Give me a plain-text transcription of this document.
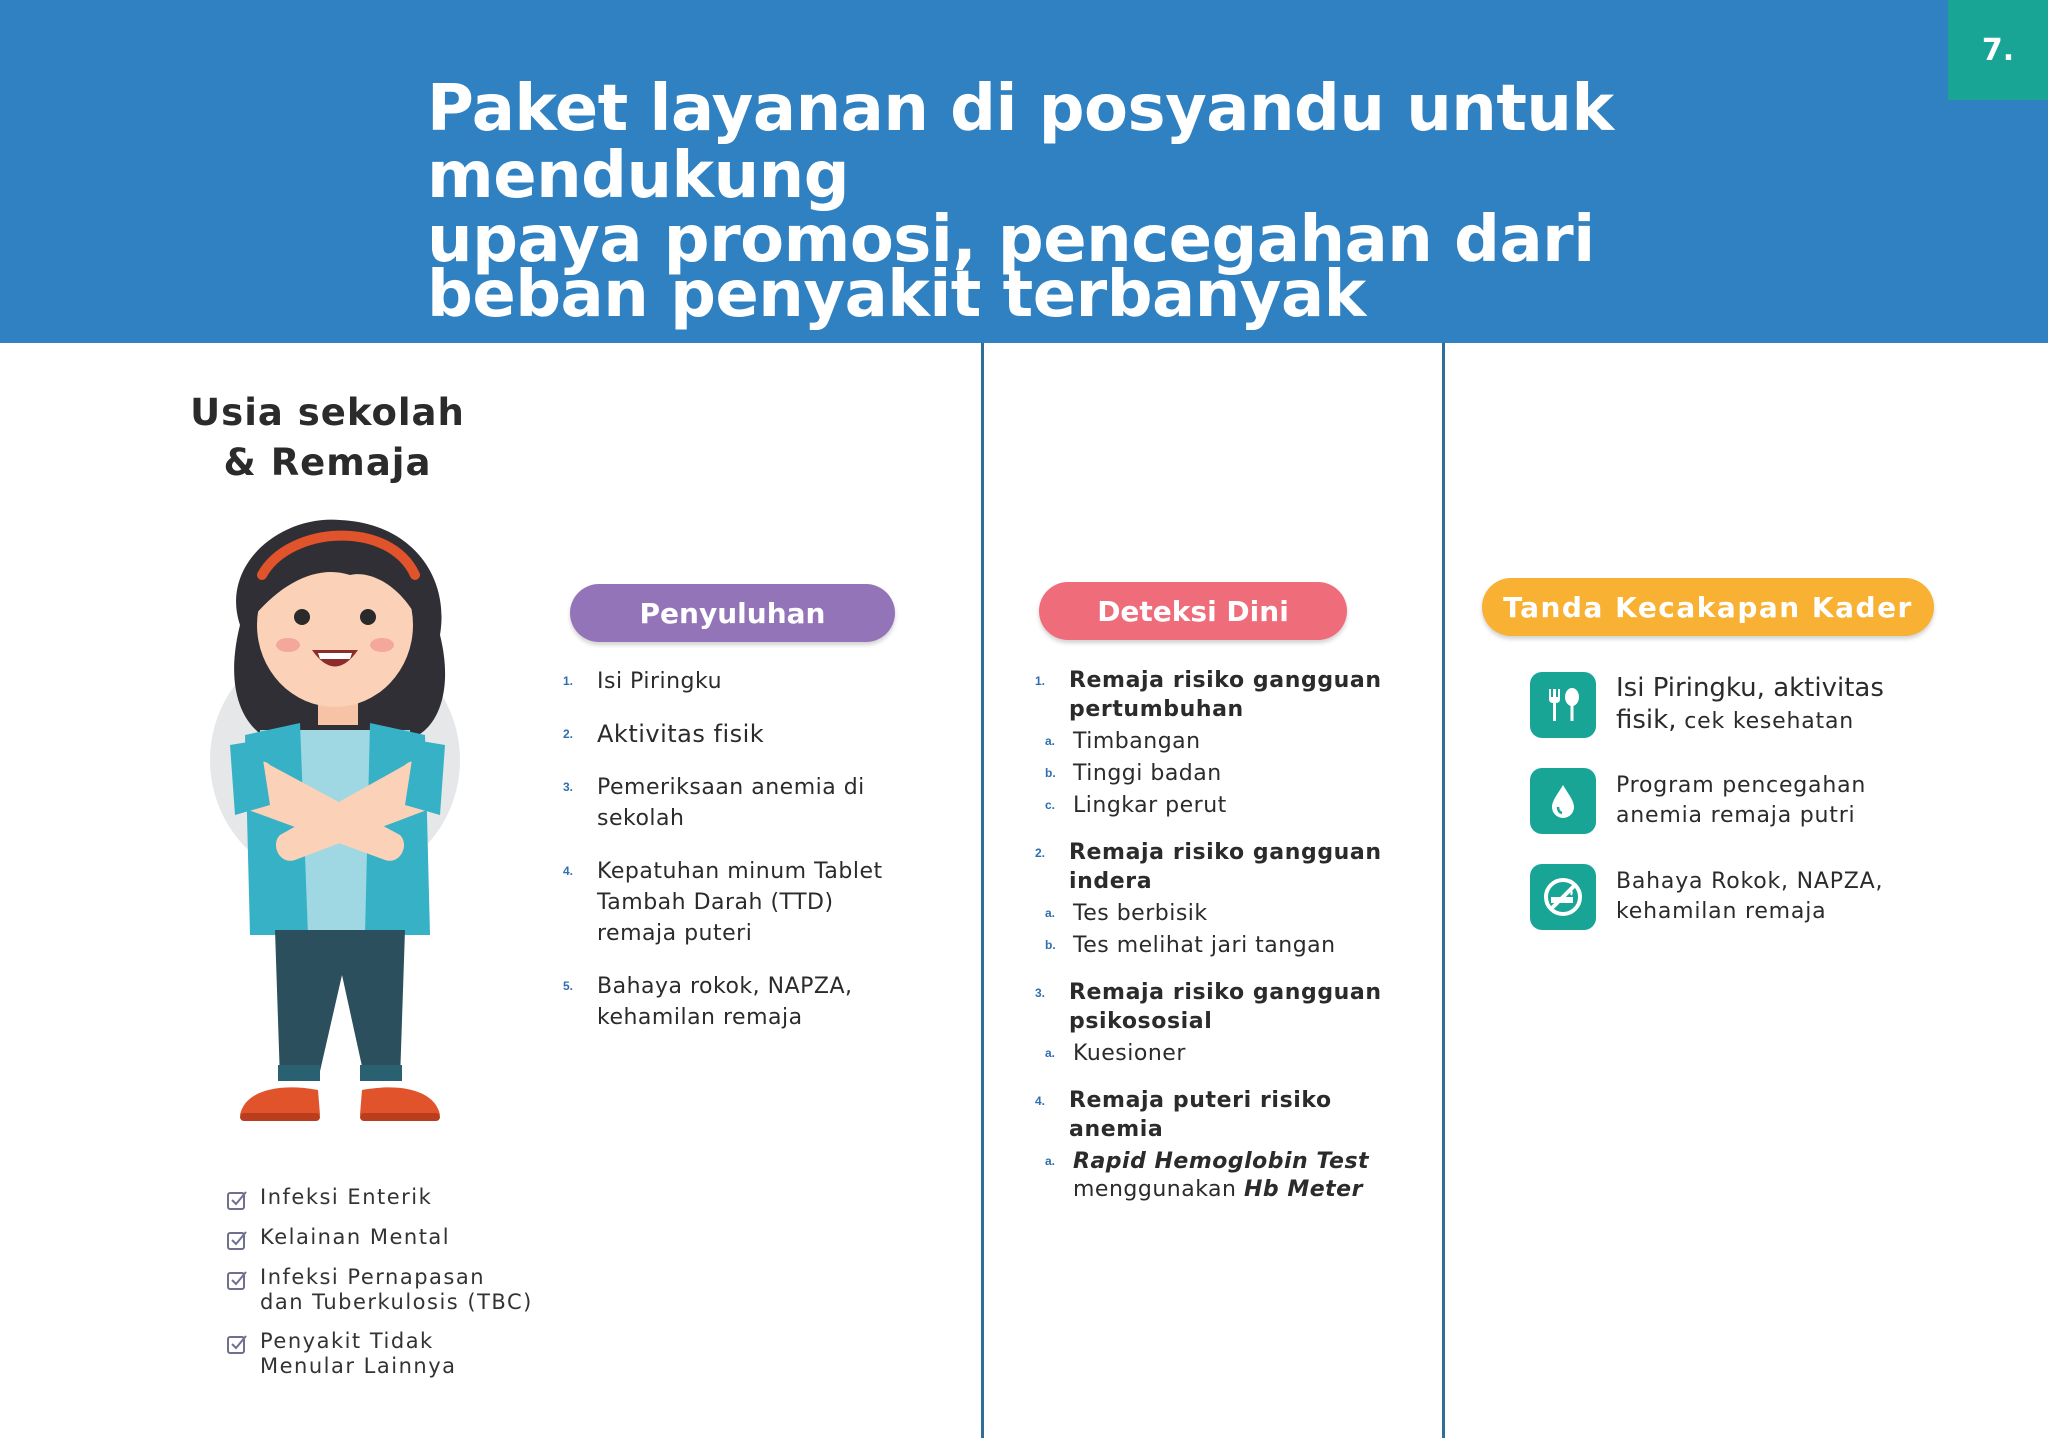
7.
Paket layanan di posyandu untuk
mendukung
upaya promosi, pencegahan dari
beban penyakit terbanyak
Usia sekolah
& Remaja
Infeksi Enterik
Kelainan Mental
Infeksi Pernapasan
dan Tuberkulosis (TBC)
Penyakit Tidak
Menular Lainnya
Penyuluhan
1.	Isi Piringku
2. Aktivitas fisik
3.	Pemeriksaan anemia di sekolah
4.	Kepatuhan minum Tablet Tambah Darah (TTD) remaja puteri
5.	Bahaya rokok, NAPZA, kehamilan remaja
Deteksi Dini
1.	Remaja risiko gangguan pertumbuhan
a. Timbangan
b. Tinggi badan
c. Lingkar perut
2.	Remaja risiko gangguan indera
a. Tes berbisik
b. Tes melihat jari tangan
3.	Remaja risiko gangguan psikososial
a. Kuesioner
4.	Remaja puteri risiko anemia
a. Rapid Hemoglobin Test menggunakan Hb Meter
Tanda Kecakapan Kader
Isi Piringku, aktivitas fisik, cek kesehatan
Program pencegahan anemia remaja putri
Bahaya Rokok, NAPZA, kehamilan remaja
